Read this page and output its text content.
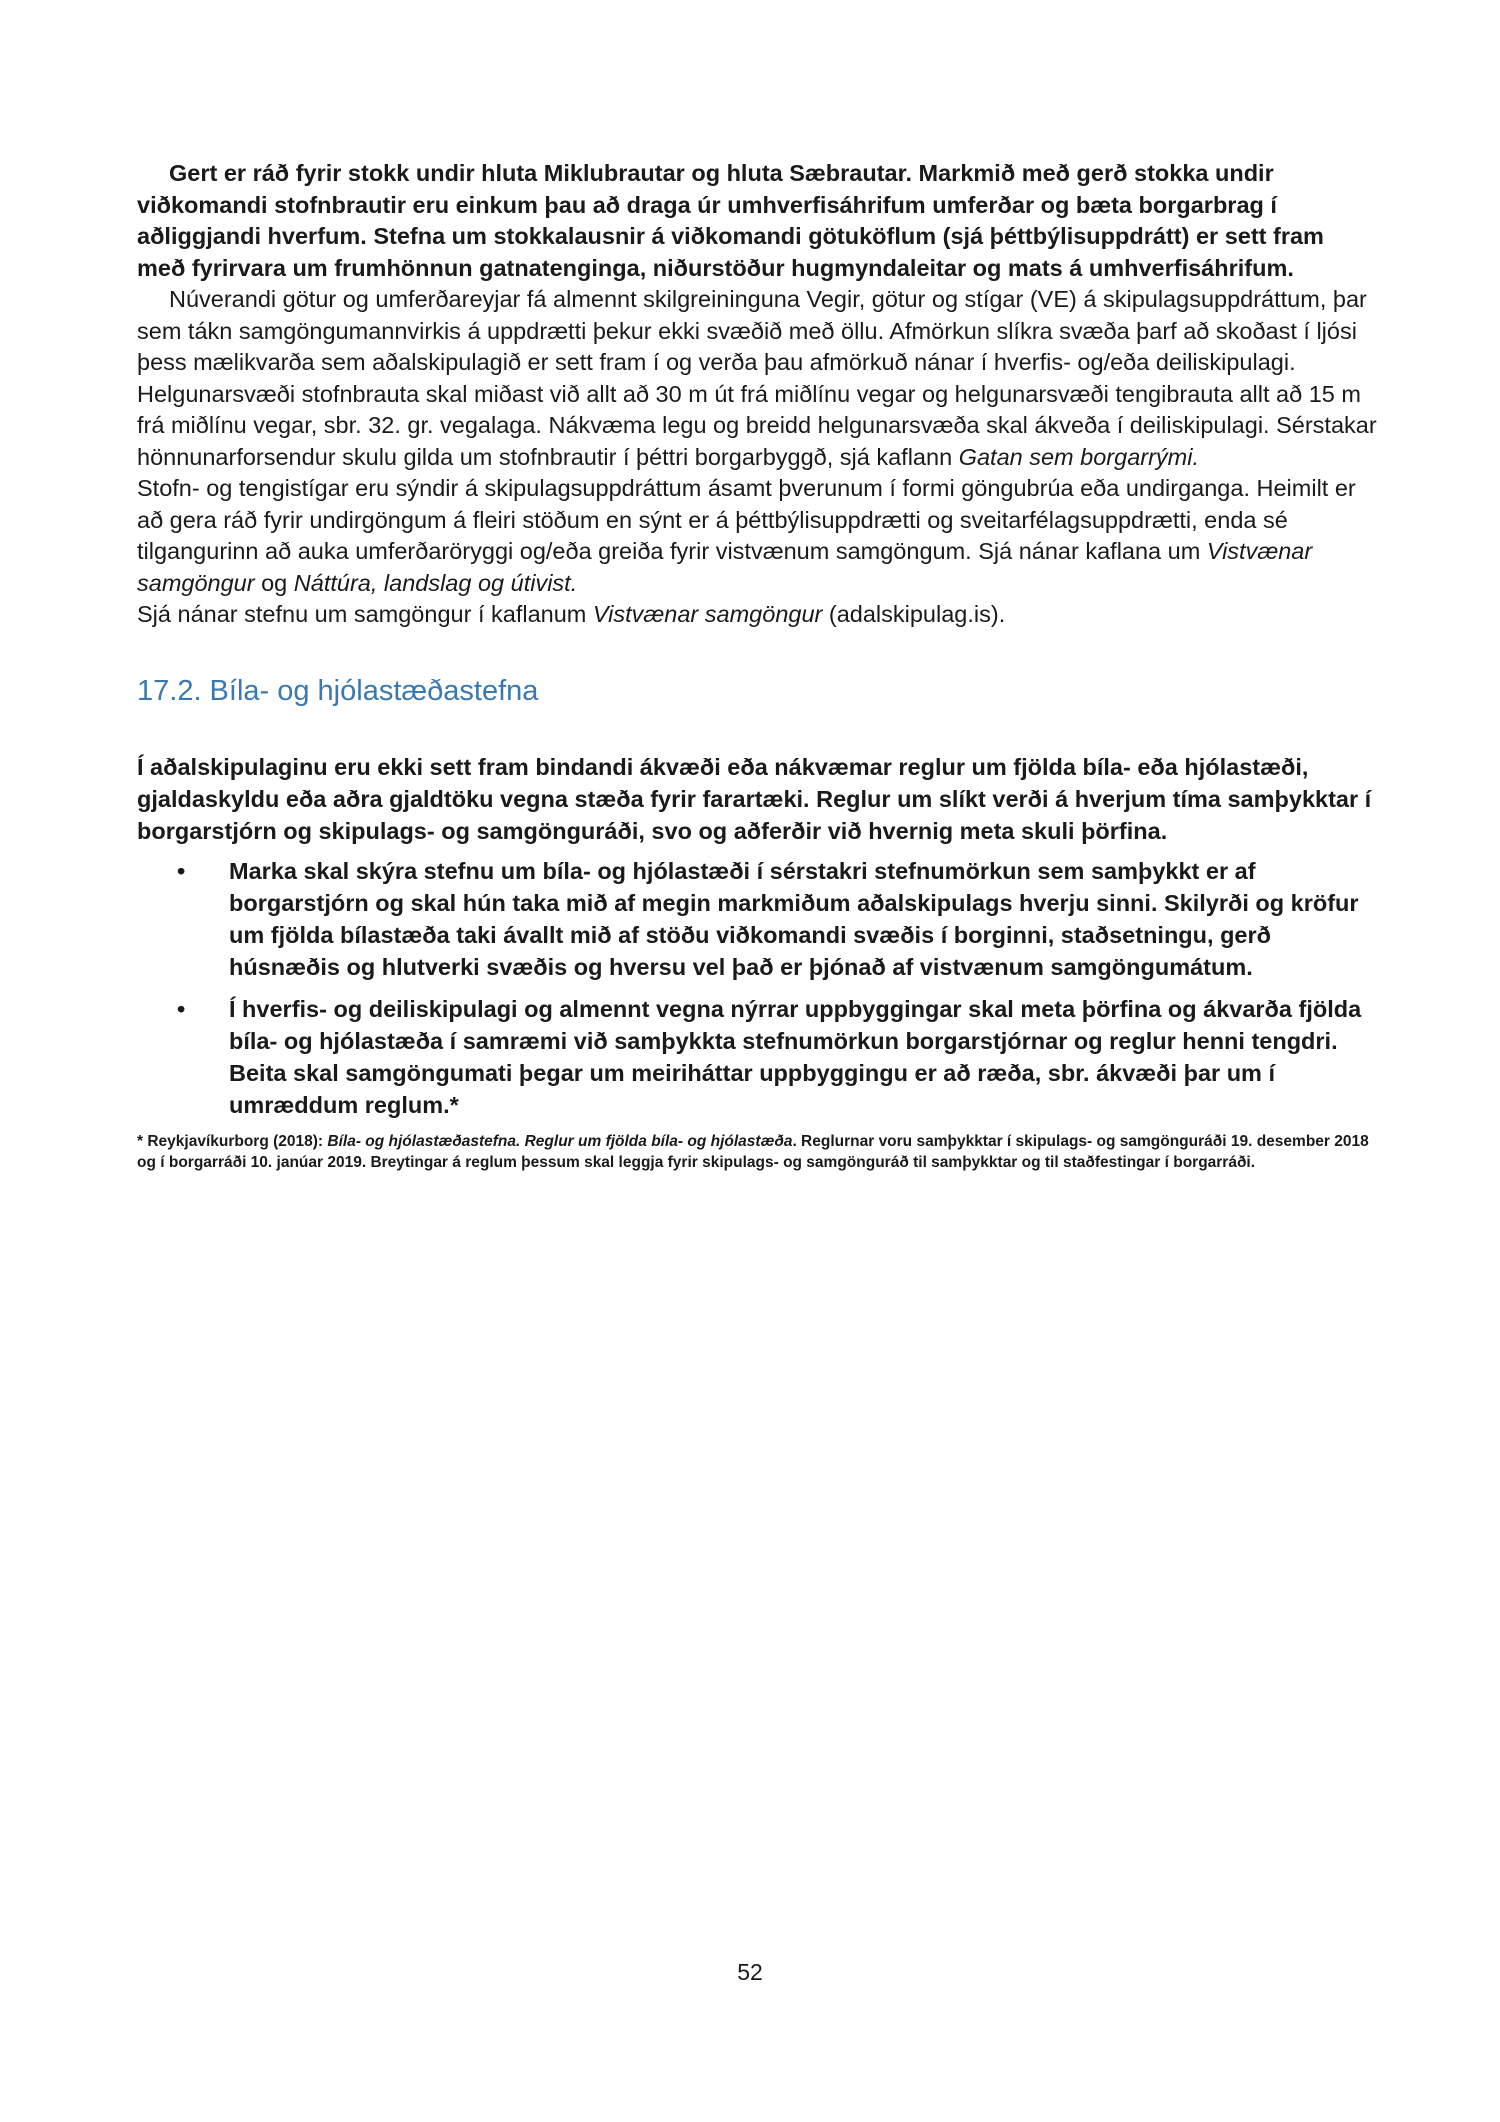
Gert er ráð fyrir stokk undir hluta Miklubrautar og hluta Sæbrautar. Markmið með gerð stokka undir viðkomandi stofnbrautir eru einkum þau að draga úr umhverfisáhrifum umferðar og bæta borgarbrag í aðliggjandi hverfum. Stefna um stokkalausnir á viðkomandi götuköflum (sjá þéttbýlisuppdrátt) er sett fram með fyrirvara um frumhönnun gatnatenginga, niðurstöður hugmyndaleitar og mats á umhverfisáhrifum.

Núverandi götur og umferðareyjar fá almennt skilgreininguna Vegir, götur og stígar (VE) á skipulagsuppdráttum, þar sem tákn samgöngumannvirkis á uppdrætti þekur ekki svæðið með öllu. Afmörkun slíkra svæða þarf að skoðast í ljósi þess mælikvarða sem aðalskipulagið er sett fram í og verða þau afmörkuð nánar í hverfis- og/eða deiliskipulagi. Helgunarsvæði stofnbrauta skal miðast við allt að 30 m út frá miðlínu vegar og helgunarsvæði tengibrauta allt að 15 m frá miðlínu vegar, sbr. 32. gr. vegalaga. Nákvæma legu og breidd helgunarsvæða skal ákveða í deiliskipulagi. Sérstakar hönnunarforsendur skulu gilda um stofnbrautir í þéttri borgarbyggð, sjá kaflann Gatan sem borgarrými.

Stofn- og tengistígar eru sýndir á skipulagsuppdráttum ásamt þverunum í formi göngubrúa eða undirganga. Heimilt er að gera ráð fyrir undirgöngum á fleiri stöðum en sýnt er á þéttbýlisuppdrætti og sveitarfélagsuppdrætti, enda sé tilgangurinn að auka umferðaröryggi og/eða greiða fyrir vistvænum samgöngum. Sjá nánar kaflana um Vistvænar samgöngur og Náttúra, landslag og útivist.

Sjá nánar stefnu um samgöngur í kaflanum Vistvænar samgöngur (adalskipulag.is).

17.2. Bíla- og hjólastæðastefna

Í aðalskipulaginu eru ekki sett fram bindandi ákvæði eða nákvæmar reglur um fjölda bíla- eða hjólastæði, gjaldaskyldu eða aðra gjaldtöku vegna stæða fyrir farartæki. Reglur um slíkt verði á hverjum tíma samþykktar í borgarstjórn og skipulags- og samgönguráði, svo og aðferðir við hvernig meta skuli þörfina.

• Marka skal skýra stefnu um bíla- og hjólastæði í sérstakri stefnumörkun sem samþykkt er af borgarstjórn og skal hún taka mið af megin markmiðum aðalskipulags hverju sinni. Skilyrði og kröfur um fjölda bílastæða taki ávallt mið af stöðu viðkomandi svæðis í borginni, staðsetningu, gerð húsnæðis og hlutverki svæðis og hversu vel það er þjónað af vistvænum samgöngumátum.
• Í hverfis- og deiliskipulagi og almennt vegna nýrrar uppbyggingar skal meta þörfina og ákvarða fjölda bíla- og hjólastæða í samræmi við samþykkta stefnumörkun borgarstjórnar og reglur henni tengdri. Beita skal samgöngumati þegar um meiriháttar uppbyggingu er að ræða, sbr. ákvæði þar um í umræddum reglum.*
* Reykjavíkurborg (2018): Bíla- og hjólastæðastefna. Reglur um fjölda bíla- og hjólastæða. Reglurnar voru samþykktar í skipulags- og samgönguráði 19. desember 2018 og í borgarráði 10. janúar 2019. Breytingar á reglum þessum skal leggja fyrir skipulags- og samgönguráð til samþykktar og til staðfestingar í borgarráði.
52
